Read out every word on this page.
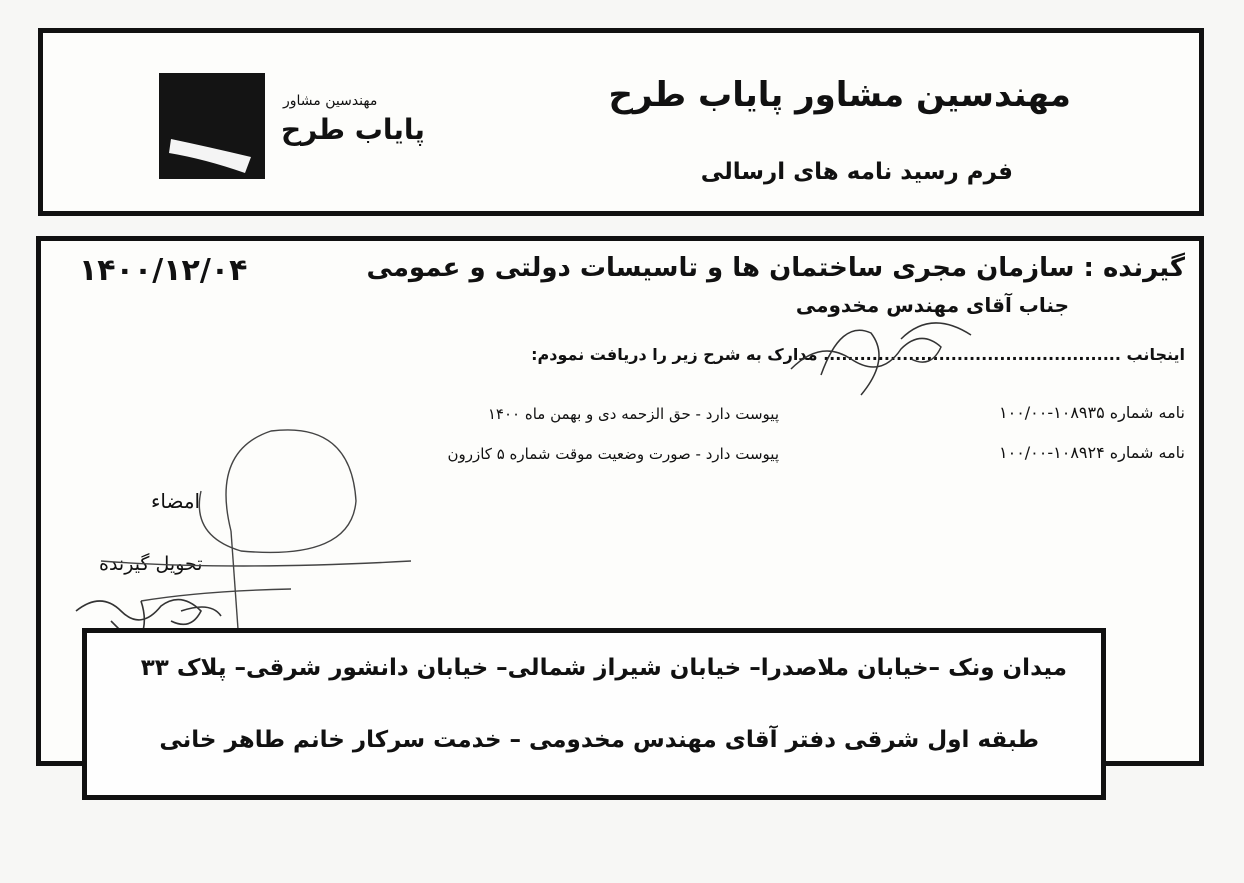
مهندسین مشاور
پایاب طرح
مهندسین مشاور پایاب طرح
فرم رسید نامه های ارسالی
۱۴۰۰/۱۲/۰۴	گیرنده : سازمان مجری ساختمان ها و تاسیسات دولتی و عمومی
جناب آقای مهندس مخدومی
اینجانب ................................................. مدارک به شرح زیر را دریافت نمودم:
نامه شماره ۱۰۸۹۳۵-۱۰۰/۰۰
پیوست دارد - حق الزحمه دی و بهمن ماه ۱۴۰۰
نامه شماره ۱۰۸۹۲۴-۱۰۰/۰۰
پیوست دارد - صورت وضعیت موقت شماره ۵ کازرون
امضاء
تحویل گیرنده
میدان ونک –خیابان ملاصدرا– خیابان شیراز شمالی– خیابان دانشور شرقی– پلاک ۳۳
طبقه اول شرقی دفتر آقای مهندس مخدومی – خدمت سرکار خانم طاهر خانی
